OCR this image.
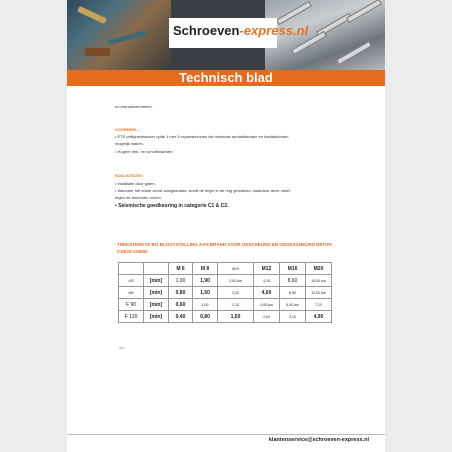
Schroeven-express.nl
Technisch blad
en brandwerendheid.
VOORDEEL:
• ETE veiligheidsanker optie 1 met 3 expansiezones die minimale randafstanden en hartafstanden
mogelijk maken.
• Hogere trek- en schuifkrachten.
SOLLICITATIE:
• Installatie door gaten.
• Wanneer het anker wordt vastgedraaid, wordt de kegel in de ring getrokken, waardoor deze uitzet
tegen de betonnen muren.
• Seismische goedkeuring in categorie C1 & C2.
TREKSTERKTE BIJ BLOOTSTELLING AAN BRAND VOOR GESCHEURD EN ONGESCHEURD BETON C20/25-C50/60
		M 6	M 8	M10	M12	M16	M20
r30	[min]	1,00	1,90	3,00 ton	4,15	8,60	15,00 ton
r60	[min]	0,80	1,50	2,20	4,60	8,50	12,00 ton
F 90	[min]	0,60	1,00	2,10	3,00 ton	5,00 ton	7,10
F 120	[min]	0,40	0,80	1,50	2,00	3,10	4,90
(kN)
klantenservice@schroeven-express.nl
